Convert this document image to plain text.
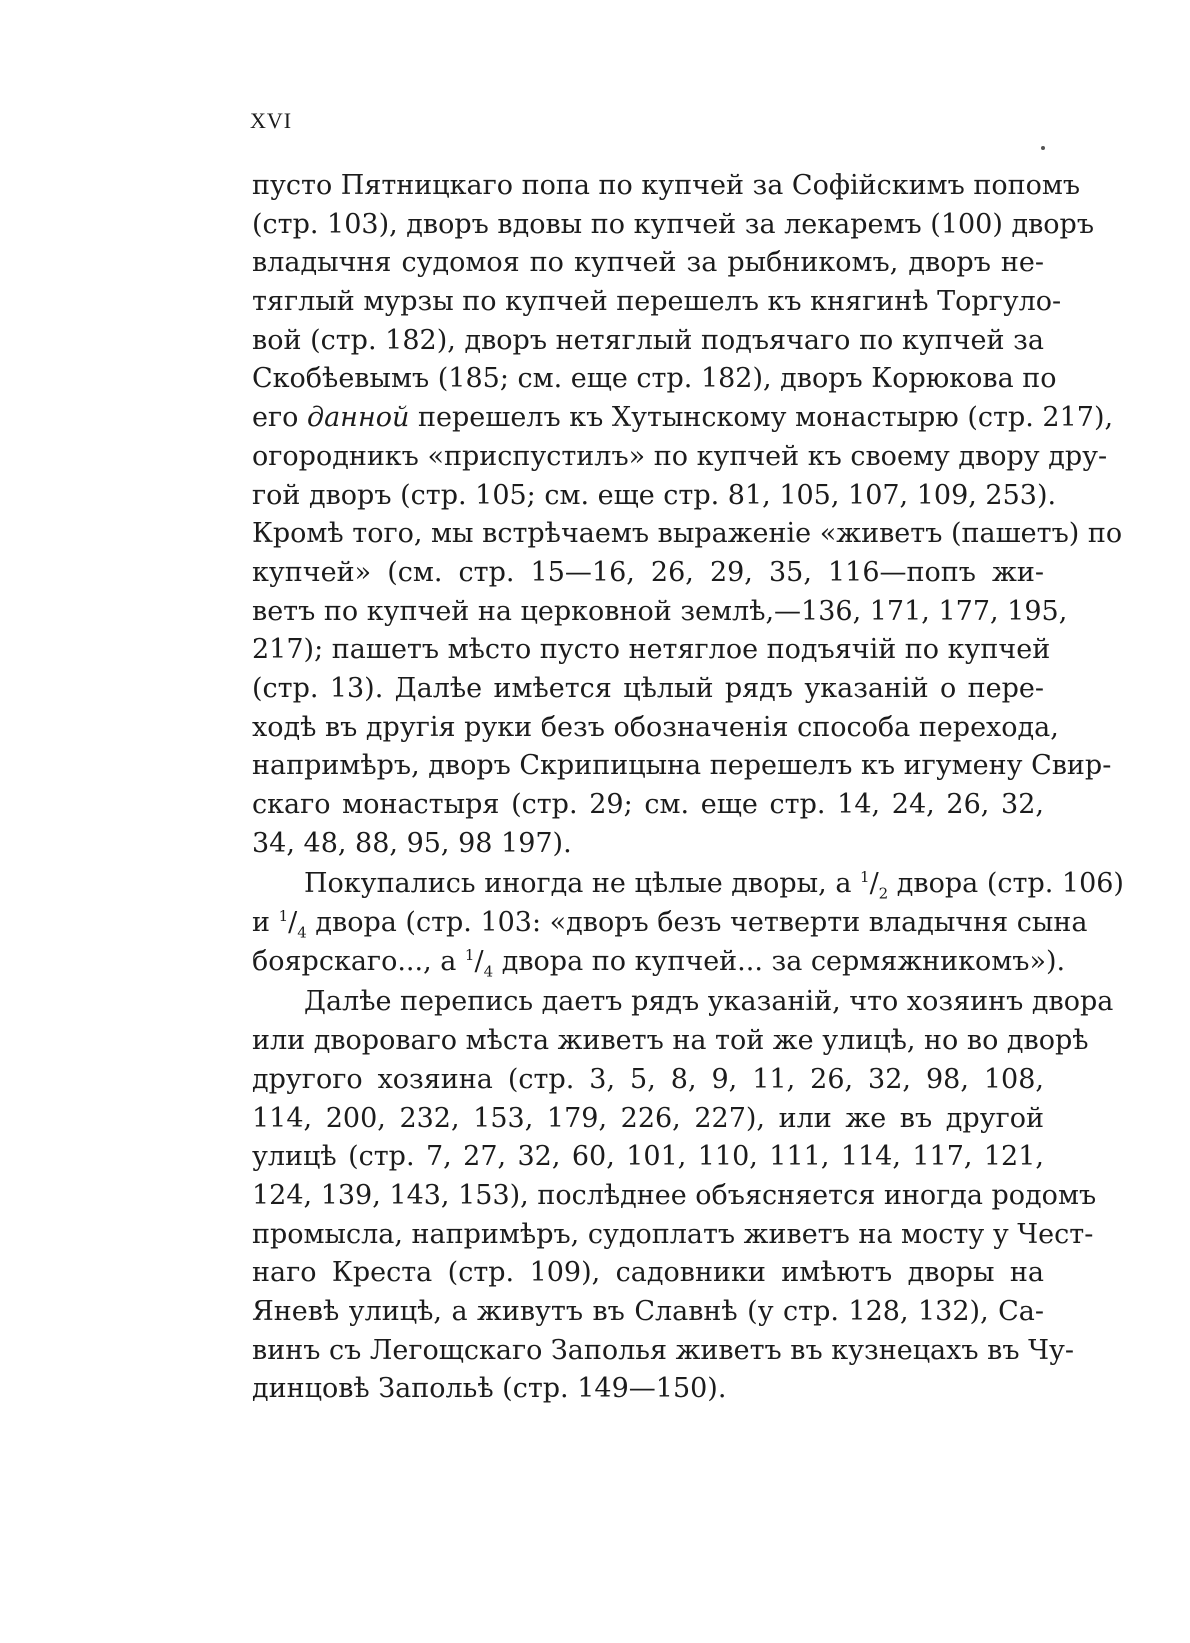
XVI
пусто Пятницкаго попа по купчей за Софійскимъ попомъ
(стр. 103), дворъ вдовы по купчей за лекаремъ (100) дворъ
владычня судомоя по купчей за рыбникомъ, дворъ не-
тяглый мурзы по купчей перешелъ къ княгинѣ Торгуло-
вой (стр. 182), дворъ нетяглый подъячаго по купчей за
Скобѣевымъ (185; см. еще стр. 182), дворъ Корюкова по
его данной перешелъ къ Хутынскому монастырю (стр. 217),
огородникъ «приспустилъ» по купчей къ своему двору дру-
гой дворъ (стр. 105; см. еще стр. 81, 105, 107, 109, 253).
Кромѣ того, мы встрѣчаемъ выраженіе «живетъ (пашетъ) по
купчей» (см. стр. 15—16, 26, 29, 35, 116—попъ жи-
ветъ по купчей на церковной землѣ,—136, 171, 177, 195,
217); пашетъ мѣсто пусто нетяглое подъячій по купчей
(стр. 13). Далѣе имѣется цѣлый рядъ указаній о пере-
ходѣ въ другія руки безъ обозначенія способа перехода,
напримѣръ, дворъ Скрипицына перешелъ къ игумену Свир-
скаго монастыря (стр. 29; см. еще стр. 14, 24, 26, 32,
34, 48, 88, 95, 98 197).
Покупались иногда не цѣлые дворы, а $^1/_2$ двора (стр. 106)
и $^1/_4$ двора (стр. 103: «дворъ безъ четверти владычня сына
боярскаго..., а $^1/_4$ двора по купчей... за сермяжникомъ»).
Далѣе перепись даетъ рядъ указаній, что хозяинъ двора
или двороваго мѣста живетъ на той же улицѣ, но во дворѣ
другого хозяина (стр. 3, 5, 8, 9, 11, 26, 32, 98, 108,
114, 200, 232, 153, 179, 226, 227), или же въ другой
улицѣ (стр. 7, 27, 32, 60, 101, 110, 111, 114, 117, 121,
124, 139, 143, 153), послѣднее объясняется иногда родомъ
промысла, напримѣръ, судоплатъ живетъ на мосту у Чест-
наго Креста (стр. 109), садовники имѣютъ дворы на
Яневѣ улицѣ, а живутъ въ Славнѣ (у стр. 128, 132), Са-
винъ съ Легощскаго Заполья живетъ въ кузнецахъ въ Чу-
динцовѣ Запольѣ (стр. 149—150).
